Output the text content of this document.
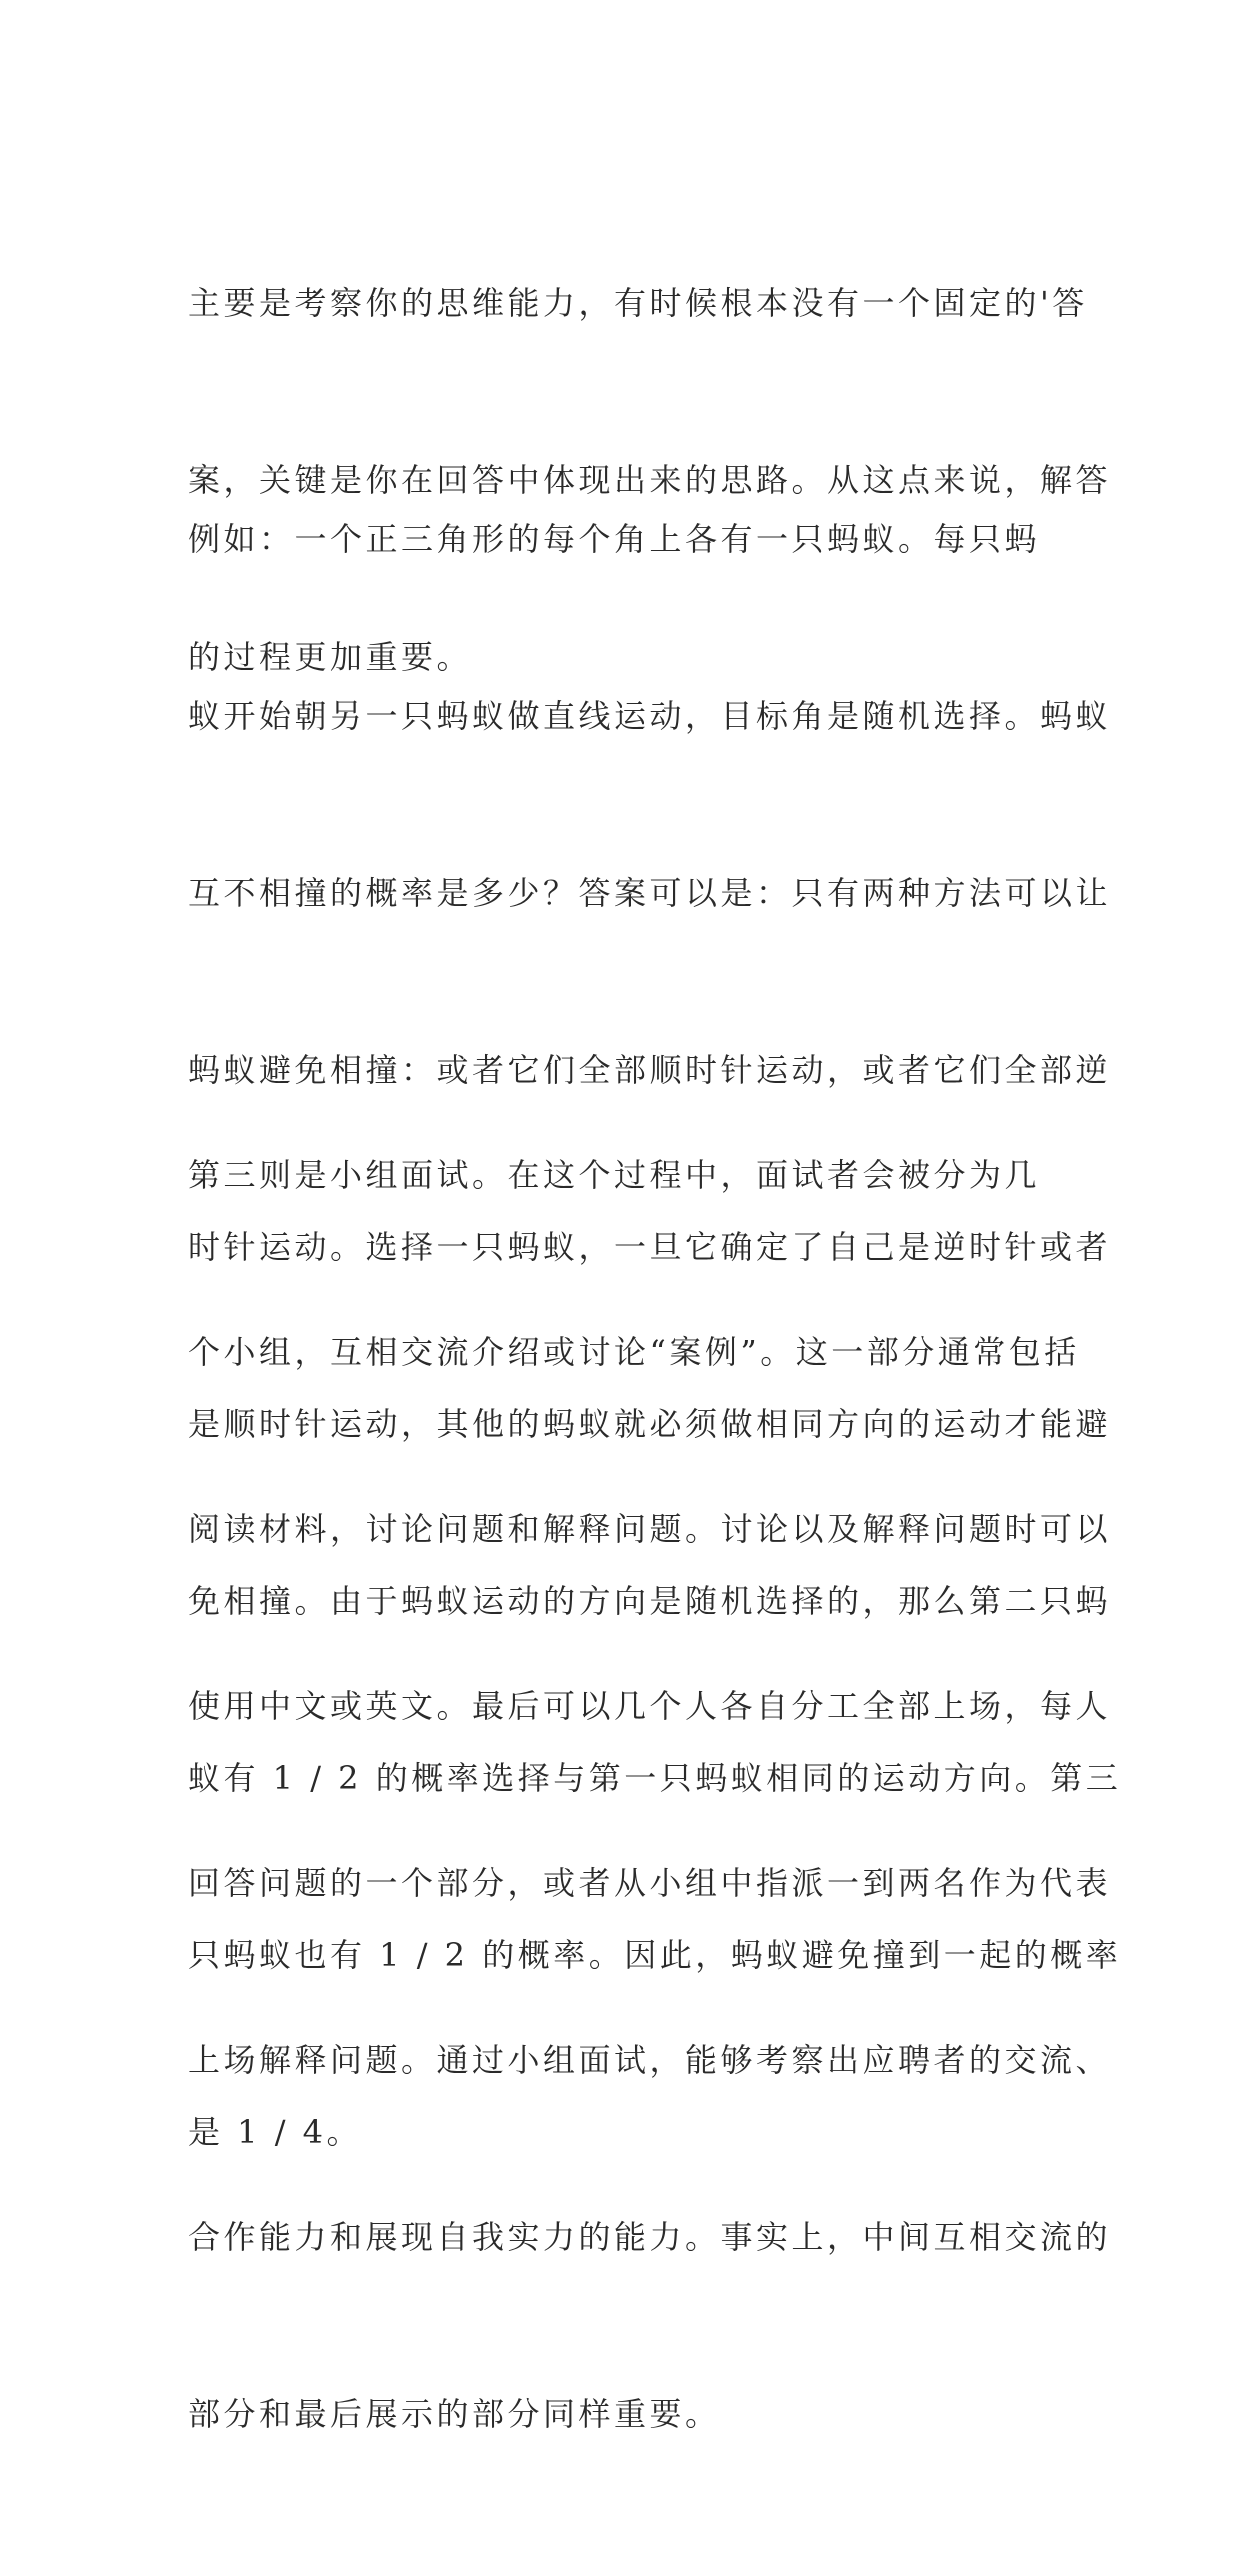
主要是考察你的思维能力，有时候根本没有一个固定的'答

案，关键是你在回答中体现出来的思路。从这点来说，解答

的过程更加重要。

例如：一个正三角形的每个角上各有一只蚂蚁。每只蚂

蚁开始朝另一只蚂蚁做直线运动，目标角是随机选择。蚂蚁

互不相撞的概率是多少？答案可以是：只有两种方法可以让

蚂蚁避免相撞：或者它们全部顺时针运动，或者它们全部逆

时针运动。选择一只蚂蚁，一旦它确定了自己是逆时针或者

是顺时针运动，其他的蚂蚁就必须做相同方向的运动才能避

免相撞。由于蚂蚁运动的方向是随机选择的，那么第二只蚂

蚁有 1 / 2 的概率选择与第一只蚂蚁相同的运动方向。第三

只蚂蚁也有 1 / 2 的概率。因此，蚂蚁避免撞到一起的概率

是 1 / 4。

第三则是小组面试。在这个过程中，面试者会被分为几

个小组，互相交流介绍或讨论“案例”。这一部分通常包括

阅读材料，讨论问题和解释问题。讨论以及解释问题时可以

使用中文或英文。最后可以几个人各自分工全部上场，每人

回答问题的一个部分，或者从小组中指派一到两名作为代表

上场解释问题。通过小组面试，能够考察出应聘者的交流、

合作能力和展现自我实力的能力。事实上，中间互相交流的

部分和最后展示的部分同样重要。
